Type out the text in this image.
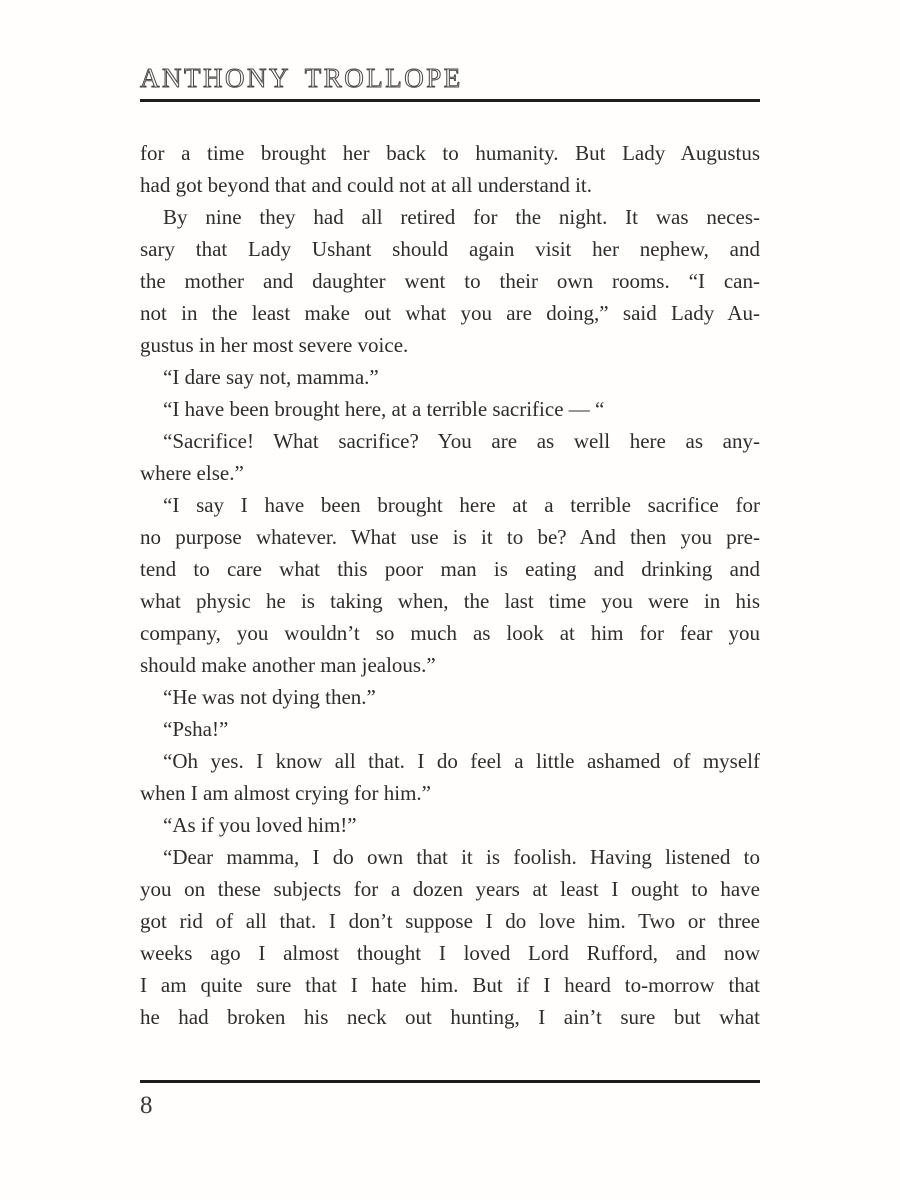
ANTHONY TROLLOPE
for a time brought her back to humanity. But Lady Augustus
had got beyond that and could not at all understand it.
By nine they had all retired for the night. It was neces-
sary that Lady Ushant should again visit her nephew, and
the mother and daughter went to their own rooms. “I can-
not in the least make out what you are doing,” said Lady Au-
gustus in her most severe voice.
“I dare say not, mamma.”
“I have been brought here, at a terrible sacrifice — “
“Sacrifice! What sacrifice? You are as well here as any-
where else.”
“I say I have been brought here at a terrible sacrifice for
no purpose whatever. What use is it to be? And then you pre-
tend to care what this poor man is eating and drinking and
what physic he is taking when, the last time you were in his
company, you wouldn’t so much as look at him for fear you
should make another man jealous.”
“He was not dying then.”
“Psha!”
“Oh yes. I know all that. I do feel a little ashamed of myself
when I am almost crying for him.”
“As if you loved him!”
“Dear mamma, I do own that it is foolish. Having listened to
you on these subjects for a dozen years at least I ought to have
got rid of all that. I don’t suppose I do love him. Two or three
weeks ago I almost thought I loved Lord Rufford, and now
I am quite sure that I hate him. But if I heard to-morrow that
he had broken his neck out hunting, I ain’t sure but what
8
